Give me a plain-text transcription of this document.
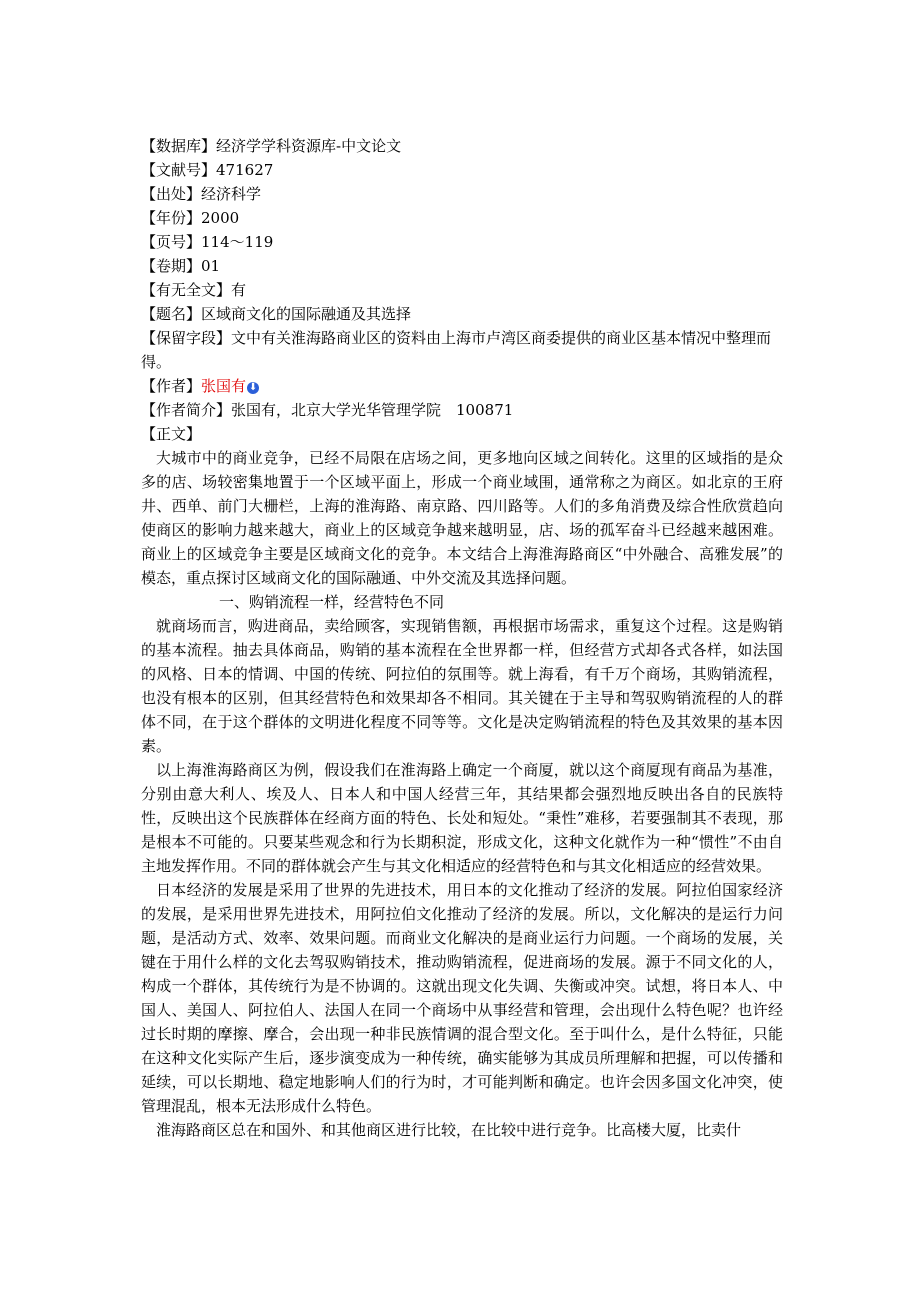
【数据库】经济学学科资源库-中文论文
【文献号】471627
【出处】经济科学
【年份】2000
【页号】114～119
【卷期】01
【有无全文】有
【题名】区域商文化的国际融通及其选择
【保留字段】文中有关淮海路商业区的资料由上海市卢湾区商委提供的商业区基本情况中整理而得。
【作者】张国有 ⬇
【作者简介】张国有，北京大学光华管理学院　100871
【正文】

大城市中的商业竞争，已经不局限在店场之间，更多地向区域之间转化。这里的区域指的是众多的店、场较密集地置于一个区域平面上，形成一个商业域围，通常称之为商区。如北京的王府井、西单、前门大栅栏，上海的淮海路、南京路、四川路等。人们的多角消费及综合性欣赏趋向使商区的影响力越来越大，商业上的区域竞争越来越明显，店、场的孤军奋斗已经越来越困难。商业上的区域竞争主要是区域商文化的竞争。本文结合上海淮海路商区“中外融合、高雅发展”的模态，重点探讨区域商文化的国际融通、中外交流及其选择问题。

一、购销流程一样，经营特色不同

就商场而言，购进商品，卖给顾客，实现销售额，再根据市场需求，重复这个过程。这是购销的基本流程。抽去具体商品，购销的基本流程在全世界都一样，但经营方式却各式各样，如法国的风格、日本的情调、中国的传统、阿拉伯的氛围等。就上海看，有千万个商场，其购销流程，也没有根本的区别，但其经营特色和效果却各不相同。其关键在于主导和驾驭购销流程的人的群体不同，在于这个群体的文明进化程度不同等等。文化是决定购销流程的特色及其效果的基本因素。

以上海淮海路商区为例，假设我们在淮海路上确定一个商厦，就以这个商厦现有商品为基准，分别由意大利人、埃及人、日本人和中国人经营三年，其结果都会强烈地反映出各自的民族特性，反映出这个民族群体在经商方面的特色、长处和短处。“秉性”难移，若要强制其不表现，那是根本不可能的。只要某些观念和行为长期积淀，形成文化，这种文化就作为一种“惯性”不由自主地发挥作用。不同的群体就会产生与其文化相适应的经营特色和与其文化相适应的经营效果。

日本经济的发展是采用了世界的先进技术，用日本的文化推动了经济的发展。阿拉伯国家经济的发展，是采用世界先进技术，用阿拉伯文化推动了经济的发展。所以，文化解决的是运行力问题，是活动方式、效率、效果问题。而商业文化解决的是商业运行力问题。一个商场的发展，关键在于用什么样的文化去驾驭购销技术，推动购销流程，促进商场的发展。源于不同文化的人，构成一个群体，其传统行为是不协调的。这就出现文化失调、失衡或冲突。试想，将日本人、中国人、美国人、阿拉伯人、法国人在同一个商场中从事经营和管理，会出现什么特色呢？也许经过长时期的摩擦、摩合，会出现一种非民族情调的混合型文化。至于叫什么，是什么特征，只能在这种文化实际产生后，逐步演变成为一种传统，确实能够为其成员所理解和把握，可以传播和延续，可以长期地、稳定地影响人们的行为时，才可能判断和确定。也许会因多国文化冲突，使管理混乱，根本无法形成什么特色。

淮海路商区总在和国外、和其他商区进行比较，在比较中进行竞争。比高楼大厦，比卖什
